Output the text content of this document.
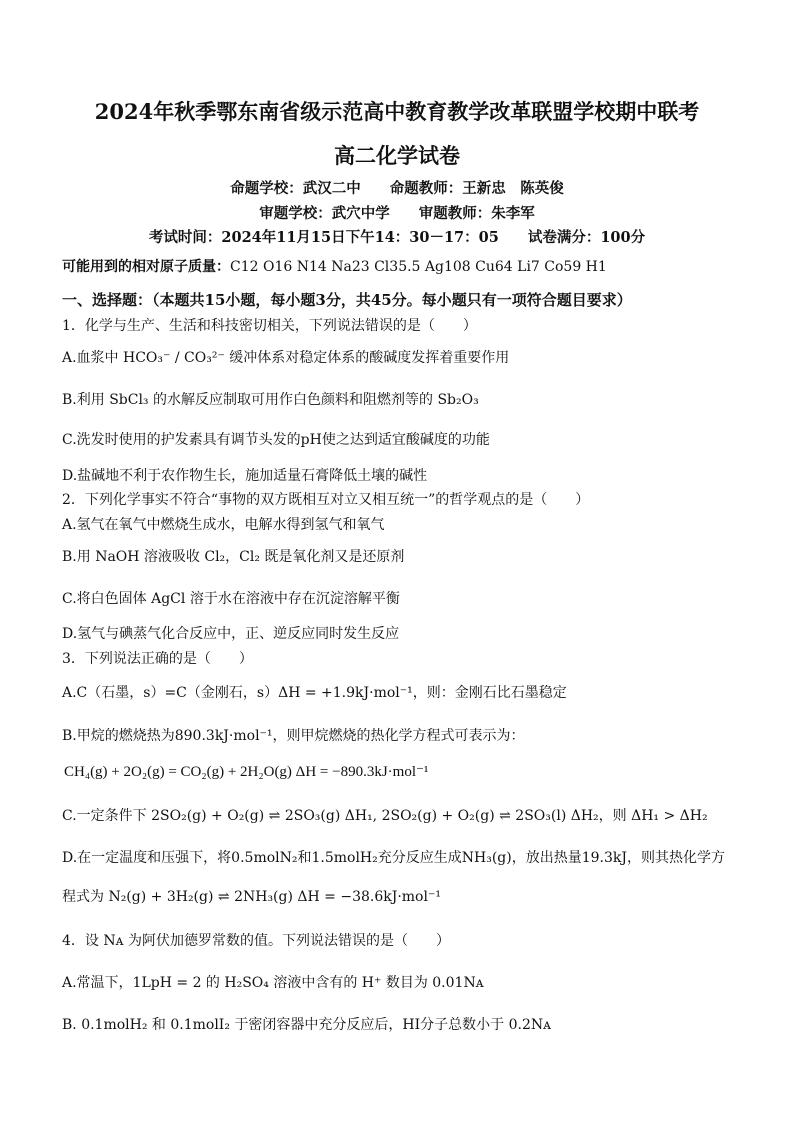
2024年秋季鄂东南省级示范高中教育教学改革联盟学校期中联考
高二化学试卷
命题学校：武汉二中　　命题教师：王新忠　陈英俊
审题学校：武穴中学　　审题教师：朱李军
考试时间：2024年11月15日下午14：30－17：05　　试卷满分：100分
可能用到的相对原子质量：C12 O16 N14 Na23 Cl35.5 Ag108 Cu64 Li7 Co59 H1
一、选择题：（本题共15小题，每小题3分，共45分。每小题只有一项符合题目要求）
1．化学与生产、生活和科技密切相关，下列说法错误的是（　　）
A.血浆中 HCO₃⁻ / CO₃²⁻ 缓冲体系对稳定体系的酸碱度发挥着重要作用
B.利用 SbCl₃ 的水解反应制取可用作白色颜料和阻燃剂等的 Sb₂O₃
C.洗发时使用的护发素具有调节头发的pH使之达到适宜酸碱度的功能
D.盐碱地不利于农作物生长，施加适量石膏降低土壤的碱性
2．下列化学事实不符合“事物的双方既相互对立又相互统一”的哲学观点的是（　　）
A.氢气在氧气中燃烧生成水，电解水得到氢气和氧气
B.用 NaOH 溶液吸收 Cl₂，Cl₂ 既是氧化剂又是还原剂
C.将白色固体 AgCl 溶于水在溶液中存在沉淀溶解平衡
D.氢气与碘蒸气化合反应中，正、逆反应同时发生反应
3．下列说法正确的是（　　）
A.C（石墨，s）=C（金刚石，s）ΔH = +1.9kJ·mol⁻¹，则：金刚石比石墨稳定
B.甲烷的燃烧热为890.3kJ·mol⁻¹，则甲烷燃烧的热化学方程式可表示为：
CH₄(g) + 2O₂(g) = CO₂(g) + 2H₂O(g) ΔH = −890.3kJ·mol⁻¹
C.一定条件下 2SO₂(g) + O₂(g) ⇌ 2SO₃(g) ΔH₁, 2SO₂(g) + O₂(g) ⇌ 2SO₃(l) ΔH₂，则 ΔH₁ > ΔH₂
D.在一定温度和压强下，将0.5molN₂和1.5molH₂充分反应生成NH₃(g)，放出热量19.3kJ，则其热化学方
程式为 N₂(g) + 3H₂(g) ⇌ 2NH₃(g) ΔH = −38.6kJ·mol⁻¹
4．设 Nᴀ 为阿伏加德罗常数的值。下列说法错误的是（　　）
A.常温下，1LpH = 2 的 H₂SO₄ 溶液中含有的 H⁺ 数目为 0.01Nᴀ
B. 0.1molH₂ 和 0.1molI₂ 于密闭容器中充分反应后，HI分子总数小于 0.2Nᴀ
